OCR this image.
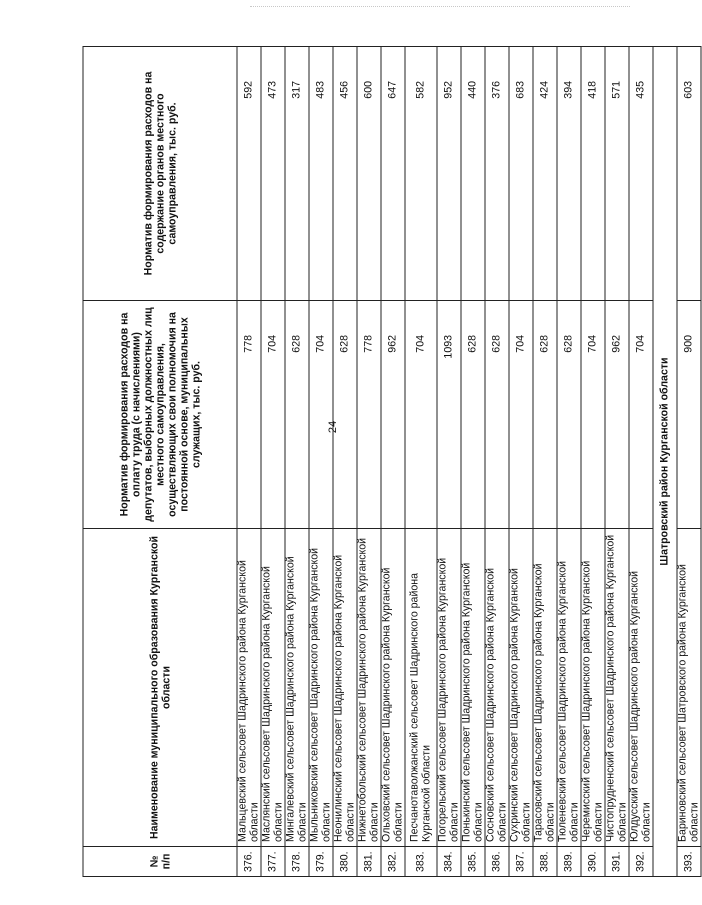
24
№ п/п	Наименование муниципального образования Курганской области	Норматив формирования расходов на оплату труда (с начислениями) депутатов, выборных должностных лиц местного самоуправления, осуществляющих свои полномочия на постоянной основе, муниципальных служащих, тыс. руб.	Норматив формирования расходов на содержание органов местного самоуправления, тыс. руб.
376.	Мальцевский сельсовет Шадринского района Курганской области	778	592
377.	Маслянский сельсовет Шадринского района Курганской области	704	473
378.	Мингалевский сельсовет Шадринского района Курганской области	628	317
379.	Мыльниковский сельсовет Шадринского района Курганской области	704	483
380.	Неонилинский сельсовет Шадринского района Курганской области	628	456
381.	Нижнетобольский сельсовет Шадринского района Курганской области	778	600
382.	Ольховский сельсовет Шадринского района Курганской области	962	647
383.	Песчанотаволжанский сельсовет Шадринского района Курганской области	704	582
384.	Погорельский сельсовет Шадринского района Курганской области	1093	952
385.	Понькинский сельсовет Шадринского района Курганской области	628	440
386.	Сосновский сельсовет Шадринского района Курганской области	628	376
387.	Сухринский сельсовет Шадринского района Курганской области	704	683
388.	Тарасовский сельсовет Шадринского района Курганской области	628	424
389.	Тюленевский сельсовет Шадринского района Курганской области	628	394
390.	Черемисский сельсовет Шадринского района Курганской области	704	418
391.	Чистопрудненский сельсовет Шадринского района Курганской области	962	571
392.	Юлдусский сельсовет Шадринского района Курганской области	704	435
Шатровский район Курганской области			
393.	Бариновский сельсовет Шатровского района Курганской области	900	603
